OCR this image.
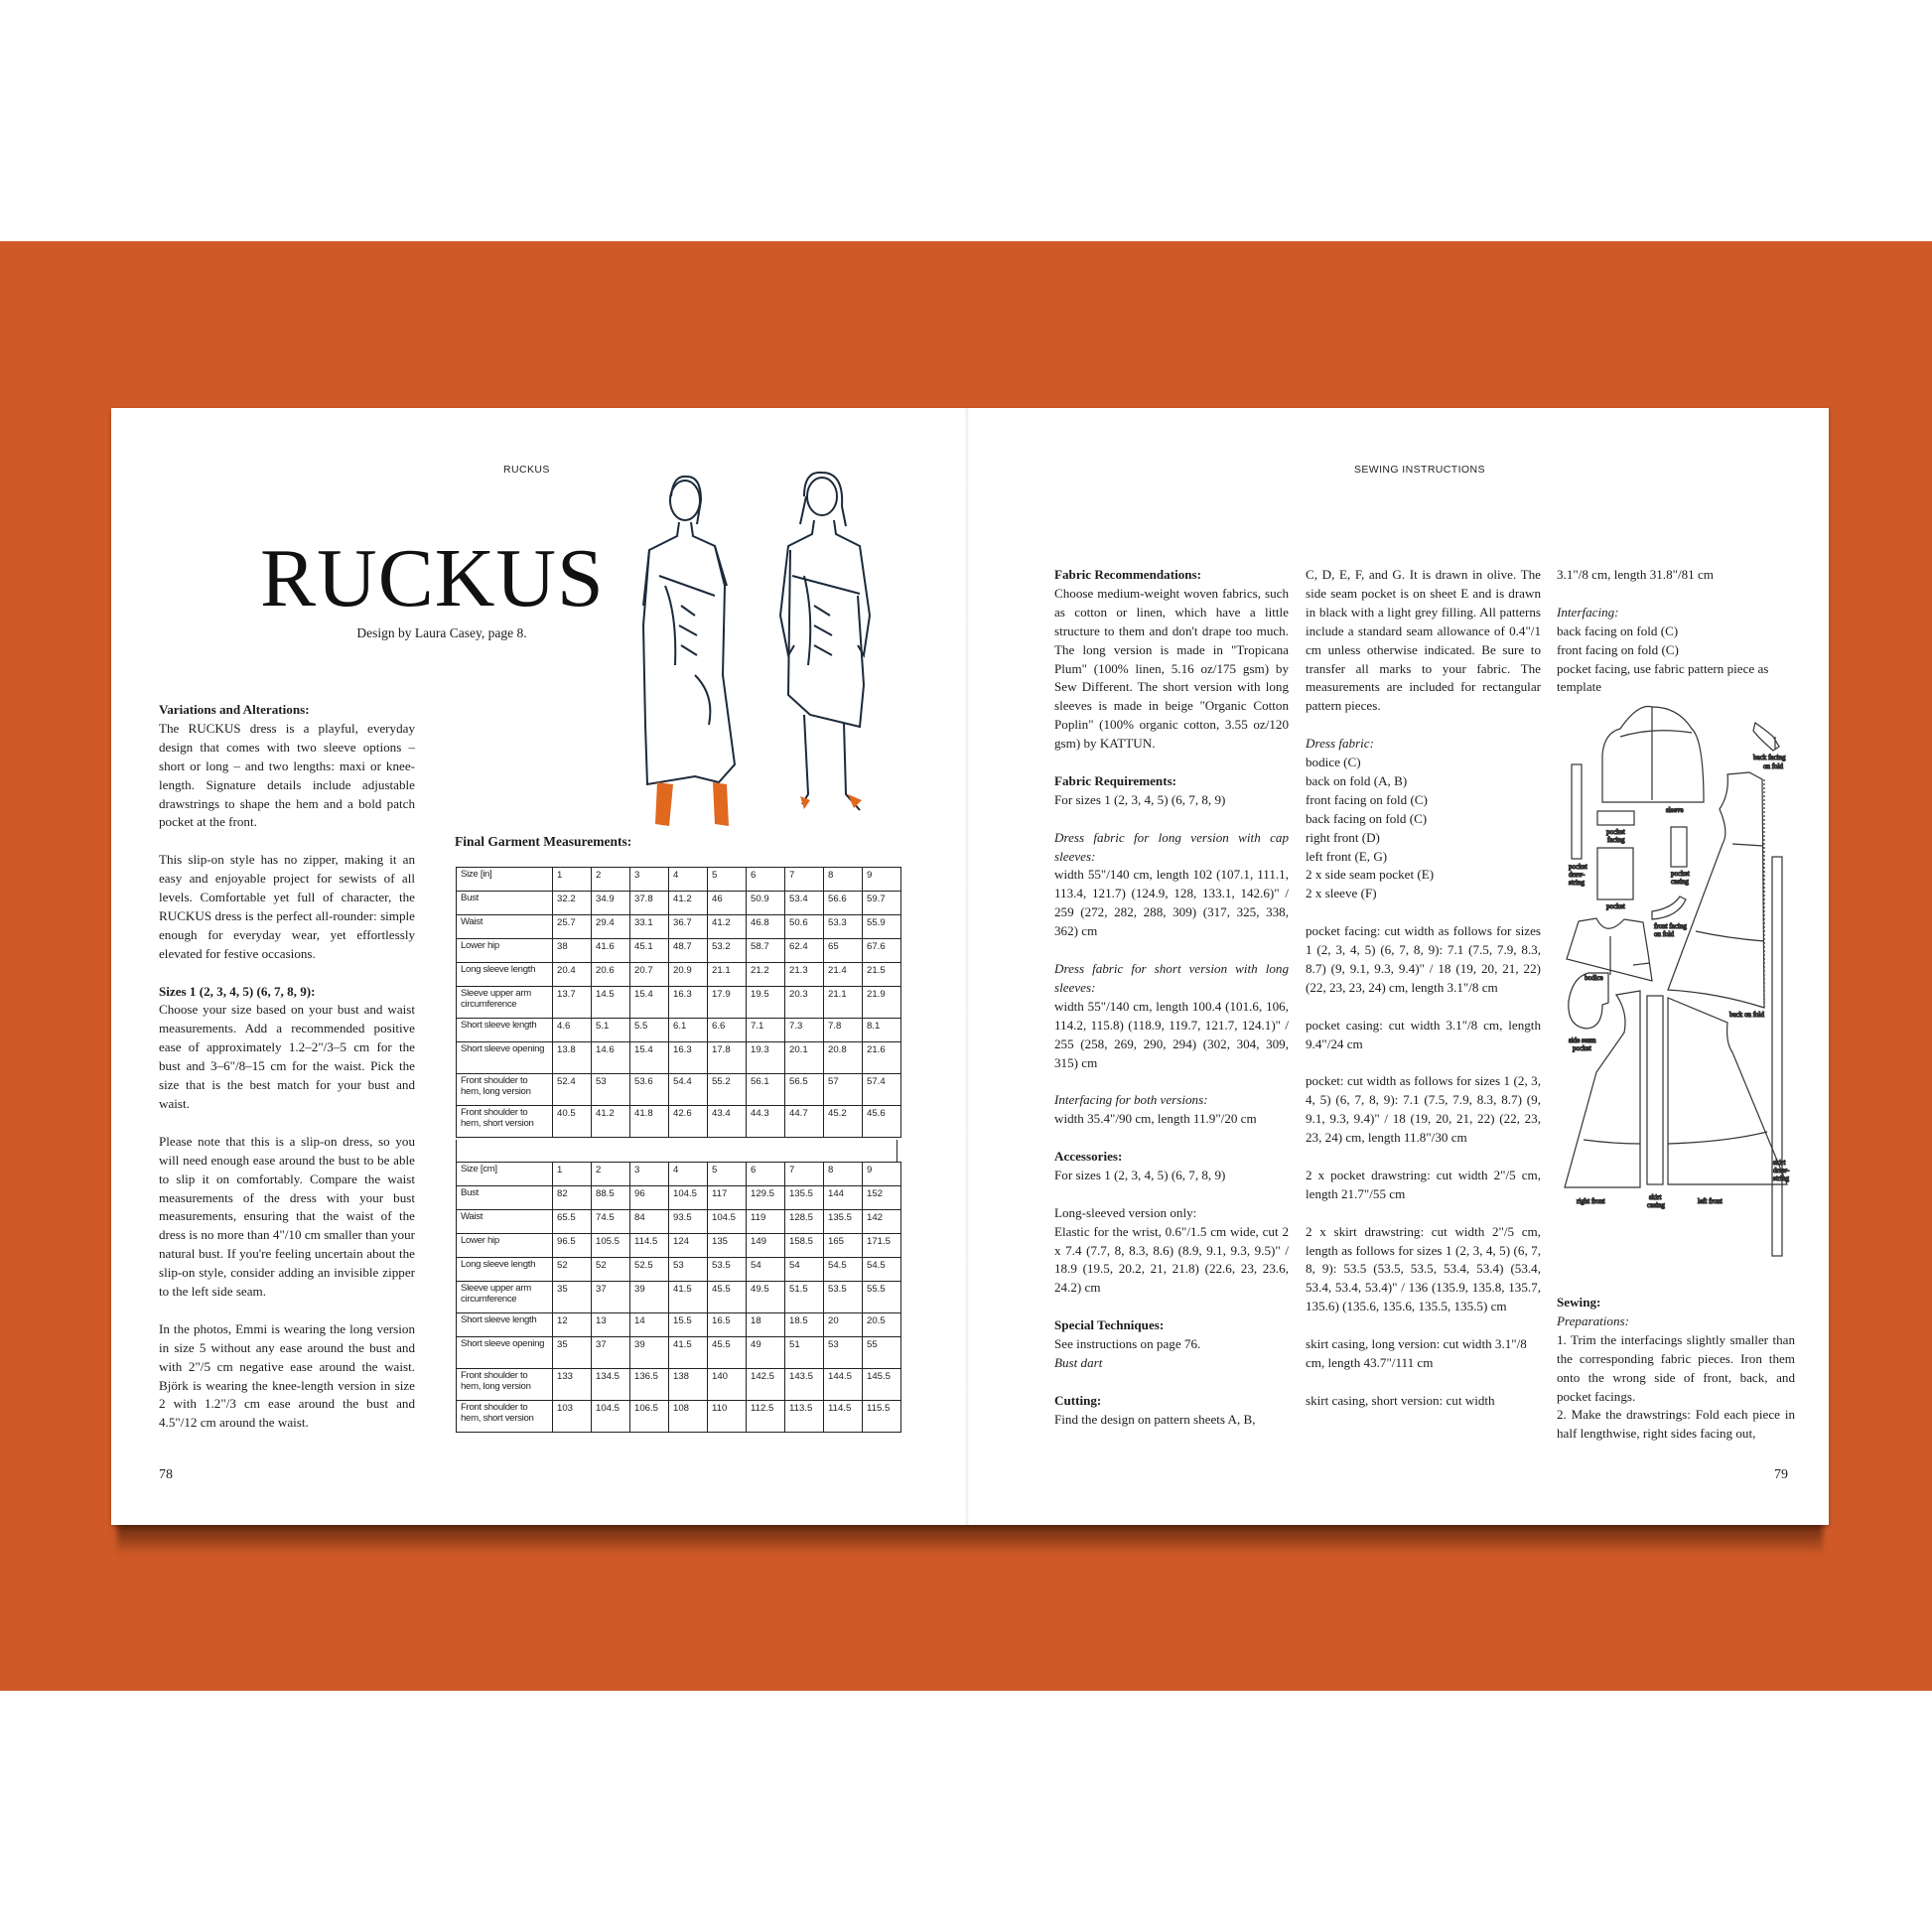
RUCKUS
RUCKUS
Design by Laura Casey, page 8.

Variations and Alterations:
The RUCKUS dress is a playful, everyday design that comes with two sleeve options – short or long – and two lengths: maxi or knee-length. Signature details include adjustable drawstrings to shape the hem and a bold patch pocket at the front.

This slip-on style has no zipper, making it an easy and enjoyable project for sewists of all levels. Comfortable yet full of character, the RUCKUS dress is the perfect all-rounder: simple enough for everyday wear, yet effortlessly elevated for festive occasions.

Sizes 1 (2, 3, 4, 5) (6, 7, 8, 9):
Choose your size based on your bust and waist measurements. Add a recommended positive ease of approximately 1.2–2"/3–5 cm for the bust and 3–6"/8–15 cm for the waist. Pick the size that is the best match for your bust and waist.

Please note that this is a slip-on dress, so you will need enough ease around the bust to be able to slip it on comfortably. Compare the waist measurements of the dress with your bust measurements, ensuring that the waist of the dress is no more than 4"/10 cm smaller than your natural bust. If you're feeling uncertain about the slip-on style, consider adding an invisible zipper to the left side seam.

In the photos, Emmi is wearing the long version in size 5 without any ease around the bust and with 2"/5 cm negative ease around the waist. Björk is wearing the knee-length version in size 2 with 1.2"/3 cm ease around the bust and 4.5"/12 cm around the waist.

Final Garment Measurements:
Size [in]	1	2	3	4	5	6	7	8	9
Bust	32.2	34.9	37.8	41.2	46	50.9	53.4	56.6	59.7
Waist	25.7	29.4	33.1	36.7	41.2	46.8	50.6	53.3	55.9
Lower hip	38	41.6	45.1	48.7	53.2	58.7	62.4	65	67.6
Long sleeve length	20.4	20.6	20.7	20.9	21.1	21.2	21.3	21.4	21.5
Sleeve upper arm circumference	13.7	14.5	15.4	16.3	17.9	19.5	20.3	21.1	21.9
Short sleeve length	4.6	5.1	5.5	6.1	6.6	7.1	7.3	7.8	8.1
Short sleeve opening	13.8	14.6	15.4	16.3	17.8	19.3	20.1	20.8	21.6
Front shoulder to hem, long version	52.4	53	53.6	54.4	55.2	56.1	56.5	57	57.4
Front shoulder to hem, short version	40.5	41.2	41.8	42.6	43.4	44.3	44.7	45.2	45.6
Size [cm]	1	2	3	4	5	6	7	8	9
Bust	82	88.5	96	104.5	117	129.5	135.5	144	152
Waist	65.5	74.5	84	93.5	104.5	119	128.5	135.5	142
Lower hip	96.5	105.5	114.5	124	135	149	158.5	165	171.5
Long sleeve length	52	52	52.5	53	53.5	54	54	54.5	54.5
Sleeve upper arm circumference	35	37	39	41.5	45.5	49.5	51.5	53.5	55.5
Short sleeve length	12	13	14	15.5	16.5	18	18.5	20	20.5
Short sleeve opening	35	37	39	41.5	45.5	49	51	53	55
Front shoulder to hem, long version	133	134.5	136.5	138	140	142.5	143.5	144.5	145.5
Front shoulder to hem, short version	103	104.5	106.5	108	110	112.5	113.5	114.5	115.5
78
SEWING INSTRUCTIONS

Fabric Recommendations:
Choose medium-weight woven fabrics, such as cotton or linen, which have a little structure to them and don't drape too much. The long version is made in "Tropicana Plum" (100% linen, 5.16 oz/175 gsm) by Sew Different. The short version with long sleeves is made in beige "Organic Cotton Poplin" (100% organic cotton, 3.55 oz/120 gsm) by KATTUN.

Fabric Requirements:
For sizes 1 (2, 3, 4, 5) (6, 7, 8, 9)

Dress fabric for long version with cap sleeves:
width 55"/140 cm, length 102 (107.1, 111.1, 113.4, 121.7) (124.9, 128, 133.1, 142.6)" / 259 (272, 282, 288, 309) (317, 325, 338, 362) cm

Dress fabric for short version with long sleeves:
width 55"/140 cm, length 100.4 (101.6, 106, 114.2, 115.8) (118.9, 119.7, 121.7, 124.1)" / 255 (258, 269, 290, 294) (302, 304, 309, 315) cm

Interfacing for both versions:
width 35.4"/90 cm, length 11.9"/20 cm

Accessories:
For sizes 1 (2, 3, 4, 5) (6, 7, 8, 9)

Long-sleeved version only:
Elastic for the wrist, 0.6"/1.5 cm wide, cut 2 x 7.4 (7.7, 8, 8.3, 8.6) (8.9, 9.1, 9.3, 9.5)" / 18.9 (19.5, 20.2, 21, 21.8) (22.6, 23, 23.6, 24.2) cm

Special Techniques:
See instructions on page 76.
Bust dart

Cutting:
Find the design on pattern sheets A, B,

C, D, E, F, and G. It is drawn in olive. The side seam pocket is on sheet E and is drawn in black with a light grey filling. All patterns include a standard seam allowance of 0.4"/1 cm unless otherwise indicated. Be sure to transfer all marks to your fabric. The measurements are included for rectangular pattern pieces.

Dress fabric:
bodice (C)
back on fold (A, B)
front facing on fold (C)
back facing on fold (C)
right front (D)
left front (E, G)
2 x side seam pocket (E)
2 x sleeve (F)

pocket facing: cut width as follows for sizes 1 (2, 3, 4, 5) (6, 7, 8, 9): 7.1 (7.5, 7.9, 8.3, 8.7) (9, 9.1, 9.3, 9.4)" / 18 (19, 20, 21, 22) (22, 23, 23, 24) cm, length 3.1"/8 cm

pocket casing: cut width 3.1"/8 cm, length 9.4"/24 cm

pocket: cut width as follows for sizes 1 (2, 3, 4, 5) (6, 7, 8, 9): 7.1 (7.5, 7.9, 8.3, 8.7) (9, 9.1, 9.3, 9.4)" / 18 (19, 20, 21, 22) (22, 23, 23, 24) cm, length 11.8"/30 cm

2 x pocket drawstring: cut width 2"/5 cm, length 21.7"/55 cm

2 x skirt drawstring: cut width 2"/5 cm, length as follows for sizes 1 (2, 3, 4, 5) (6, 7, 8, 9): 53.5 (53.5, 53.5, 53.4, 53.4) (53.4, 53.4, 53.4, 53.4)" / 136 (135.9, 135.8, 135.7, 135.6) (135.6, 135.6, 135.5, 135.5) cm

skirt casing, long version: cut width 3.1"/8 cm, length 43.7"/111 cm

skirt casing, short version: cut width

3.1"/8 cm, length 31.8"/81 cm

Interfacing:
back facing on fold (C)
front facing on fold (C)
pocket facing, use fabric pattern piece as template

sleeve
back facing
on fold
pocket
facing
pocket
draw-
string
pocket
casing
pocket
front facing
on fold
bodice
back on fold
side seam
pocket
skirt
draw-
string
right front	skirt
casing	left front

Sewing:
Preparations:
1. Trim the interfacings slightly smaller than the corresponding fabric pieces. Iron them onto the wrong side of front, back, and pocket facings.
2. Make the drawstrings: Fold each piece in half lengthwise, right sides facing out,

79
